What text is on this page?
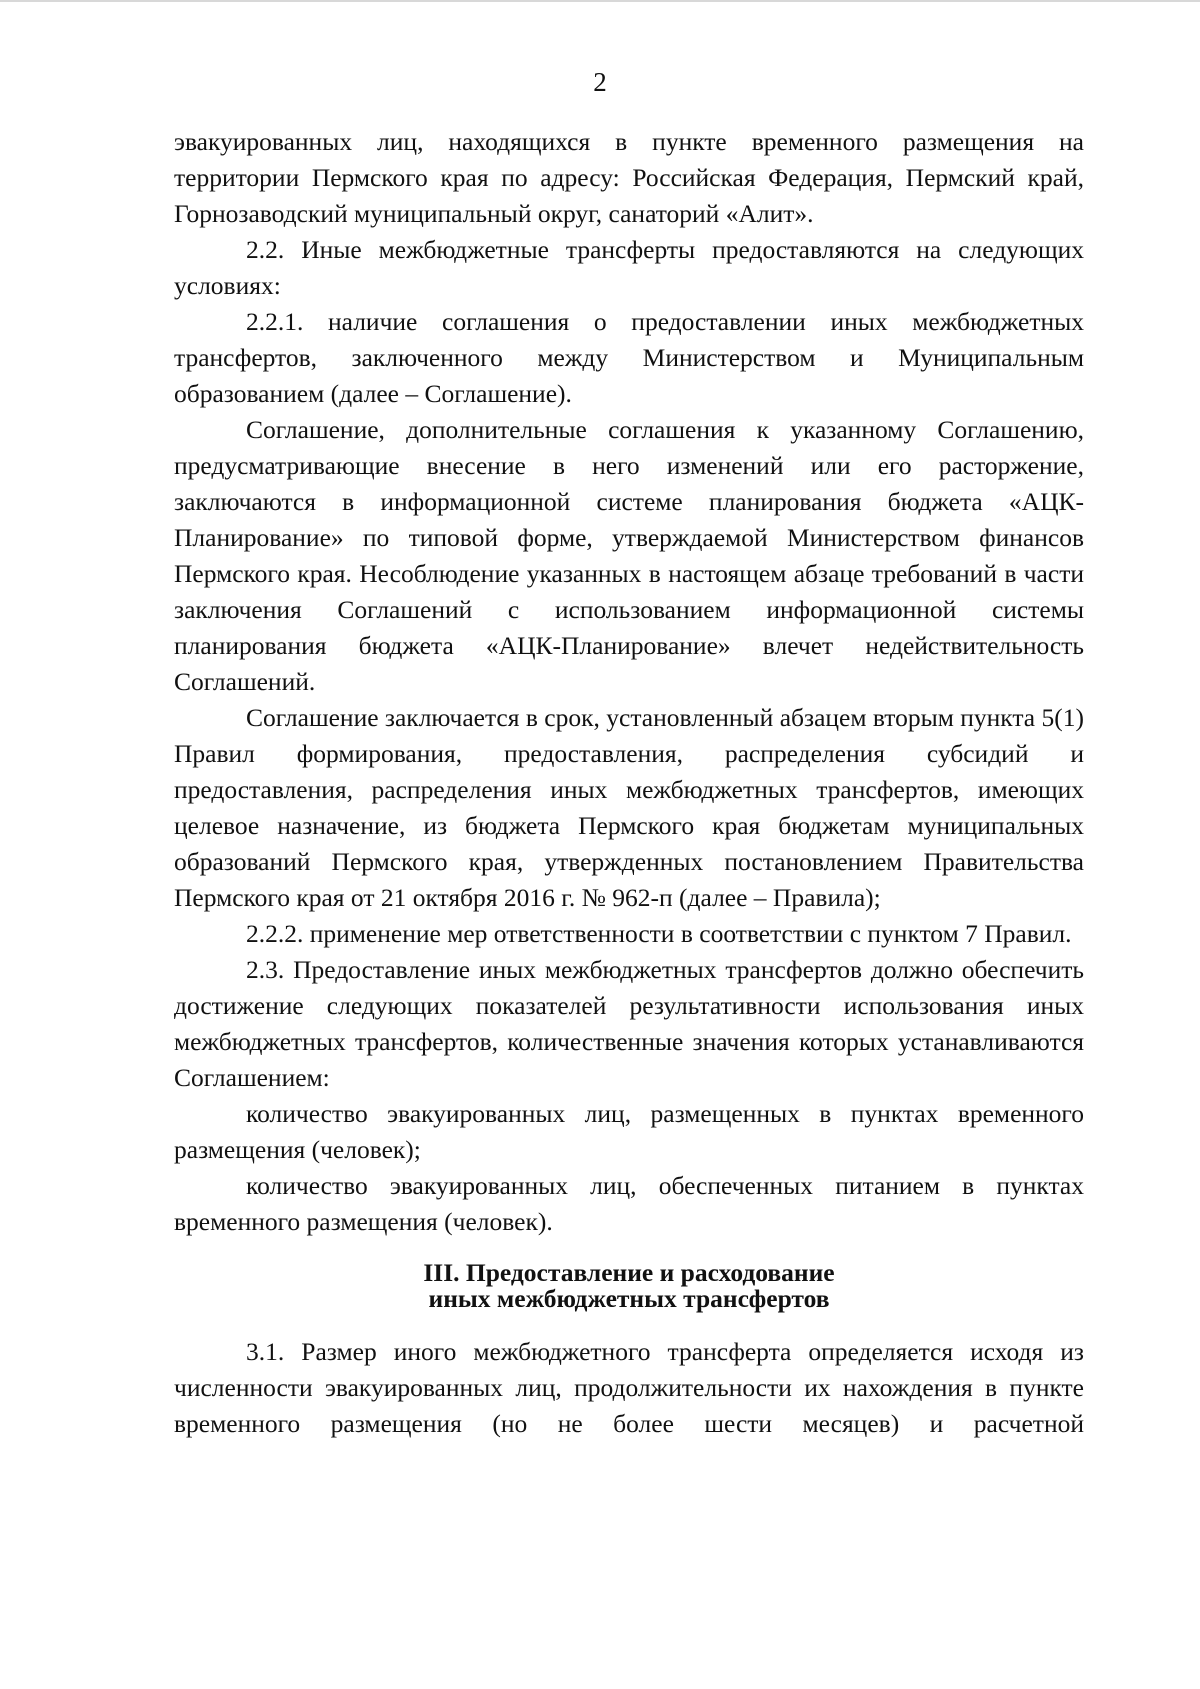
2

эвакуированных лиц, находящихся в пункте временного размещения на территории Пермского края по адресу: Российская Федерация, Пермский край, Горнозаводский муниципальный округ, санаторий «Алит».

2.2. Иные межбюджетные трансферты предоставляются на следующих условиях:

2.2.1. наличие соглашения о предоставлении иных межбюджетных трансфертов, заключенного между Министерством и Муниципальным образованием (далее – Соглашение).

Соглашение, дополнительные соглашения к указанному Соглашению, предусматривающие внесение в него изменений или его расторжение, заключаются в информационной системе планирования бюджета «АЦК-Планирование» по типовой форме, утверждаемой Министерством финансов Пермского края. Несоблюдение указанных в настоящем абзаце требований в части заключения Соглашений с использованием информационной системы планирования бюджета «АЦК-Планирование» влечет недействительность Соглашений.

Соглашение заключается в срок, установленный абзацем вторым пункта 5(1) Правил формирования, предоставления, распределения субсидий и предоставления, распределения иных межбюджетных трансфертов, имеющих целевое назначение, из бюджета Пермского края бюджетам муниципальных образований Пермского края, утвержденных постановлением Правительства Пермского края от 21 октября 2016 г. № 962-п (далее – Правила);

2.2.2. применение мер ответственности в соответствии с пунктом 7 Правил.

2.3. Предоставление иных межбюджетных трансфертов должно обеспечить достижение следующих показателей результативности использования иных межбюджетных трансфертов, количественные значения которых устанавливаются Соглашением:

количество эвакуированных лиц, размещенных в пунктах временного размещения (человек);

количество эвакуированных лиц, обеспеченных питанием в пунктах временного размещения (человек).

III. Предоставление и расходование
иных межбюджетных трансфертов

3.1. Размер иного межбюджетного трансферта определяется исходя из численности эвакуированных лиц, продолжительности их нахождения в пункте временного размещения (но не более шести месяцев) и расчетной
